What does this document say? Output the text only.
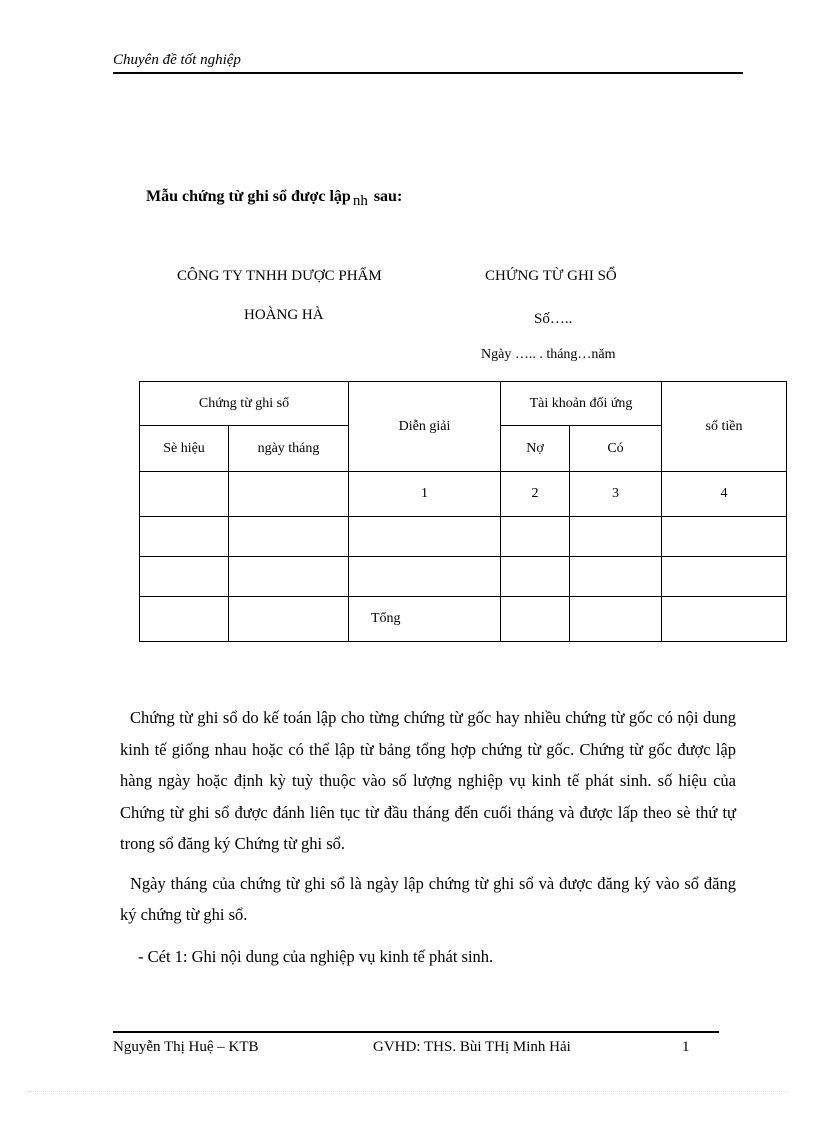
Chuyên đề tốt nghiệp
Mẫu chứng từ ghi sổ được lập nh sau:
CÔNG TY TNHH DƯỢC PHẨM
HOÀNG HÀ
CHỨNG TỪ GHI SỔ
Số…..
Ngày ….. . tháng…năm
Chứng từ ghi sổ		Diễn giải	Tài khoản đối ứng		số tiền
Sè hiệu	ngày tháng		Nợ	Có	
		1	2	3	4

		Tổng			

Chứng từ ghi sổ do kế toán lập cho từng chứng từ gốc hay nhiều chứng từ gốc có nội dung kinh tế giống nhau hoặc có thể lập từ bảng tổng hợp chứng từ gốc. Chứng từ gốc được lập hàng ngày hoặc định kỳ tuỳ thuộc vào số lượng nghiệp vụ kinh tế phát sinh. số hiệu của Chứng từ ghi sổ được đánh liên tục từ đầu tháng đến cuối tháng và được lấp theo sè thứ tự trong sổ đăng ký Chứng từ ghi sổ.

Ngày tháng của chứng từ ghi sổ là ngày lập chứng từ ghi sổ và được đăng ký vào sổ đăng ký chứng từ ghi sổ.

- Cét 1: Ghi nội dung của nghiệp vụ kinh tế phát sinh.

Nguyễn Thị Huệ – KTB	GVHD: THS. Bùi THị Minh Hải	1
